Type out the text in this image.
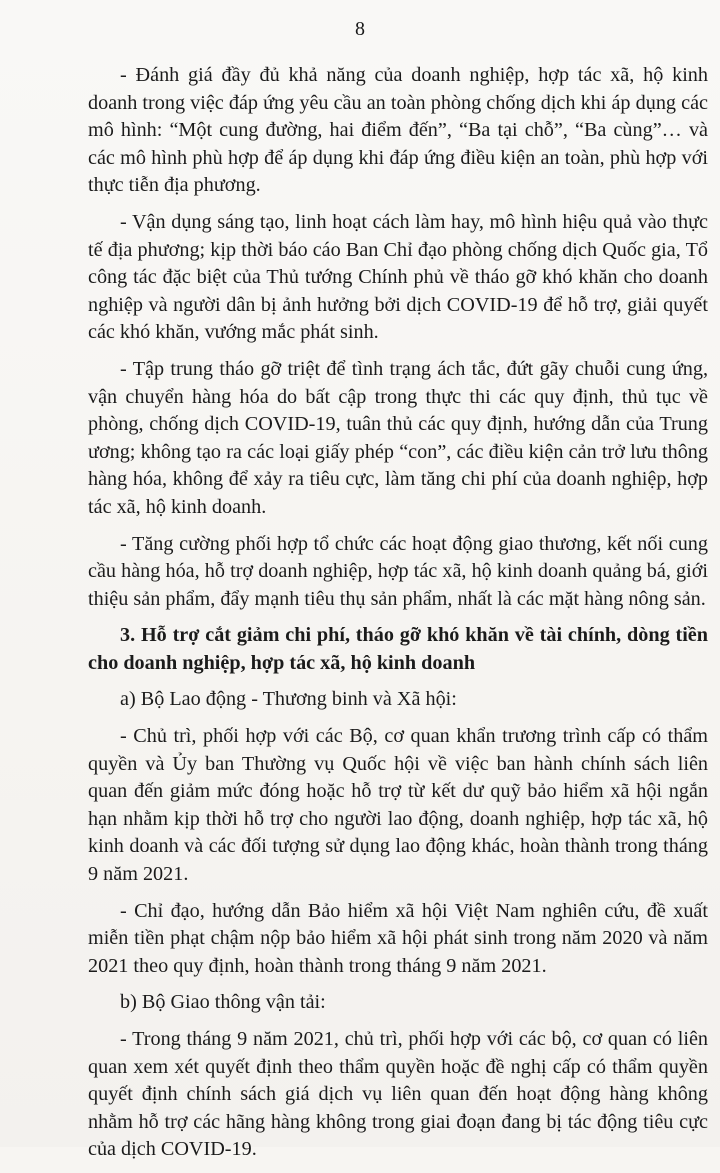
8

- Đánh giá đầy đủ khả năng của doanh nghiệp, hợp tác xã, hộ kinh doanh trong việc đáp ứng yêu cầu an toàn phòng chống dịch khi áp dụng các mô hình: “Một cung đường, hai điểm đến”, “Ba tại chỗ”, “Ba cùng”… và các mô hình phù hợp để áp dụng khi đáp ứng điều kiện an toàn, phù hợp với thực tiễn địa phương.

- Vận dụng sáng tạo, linh hoạt cách làm hay, mô hình hiệu quả vào thực tế địa phương; kịp thời báo cáo Ban Chỉ đạo phòng chống dịch Quốc gia, Tổ công tác đặc biệt của Thủ tướng Chính phủ về tháo gỡ khó khăn cho doanh nghiệp và người dân bị ảnh hưởng bởi dịch COVID-19 để hỗ trợ, giải quyết các khó khăn, vướng mắc phát sinh.

- Tập trung tháo gỡ triệt để tình trạng ách tắc, đứt gãy chuỗi cung ứng, vận chuyển hàng hóa do bất cập trong thực thi các quy định, thủ tục về phòng, chống dịch COVID-19, tuân thủ các quy định, hướng dẫn của Trung ương; không tạo ra các loại giấy phép “con”, các điều kiện cản trở lưu thông hàng hóa, không để xảy ra tiêu cực, làm tăng chi phí của doanh nghiệp, hợp tác xã, hộ kinh doanh.

- Tăng cường phối hợp tổ chức các hoạt động giao thương, kết nối cung cầu hàng hóa, hỗ trợ doanh nghiệp, hợp tác xã, hộ kinh doanh quảng bá, giới thiệu sản phẩm, đẩy mạnh tiêu thụ sản phẩm, nhất là các mặt hàng nông sản.

3. Hỗ trợ cắt giảm chi phí, tháo gỡ khó khăn về tài chính, dòng tiền cho doanh nghiệp, hợp tác xã, hộ kinh doanh

a) Bộ Lao động - Thương binh và Xã hội:

- Chủ trì, phối hợp với các Bộ, cơ quan khẩn trương trình cấp có thẩm quyền và Ủy ban Thường vụ Quốc hội về việc ban hành chính sách liên quan đến giảm mức đóng hoặc hỗ trợ từ kết dư quỹ bảo hiểm xã hội ngắn hạn nhằm kịp thời hỗ trợ cho người lao động, doanh nghiệp, hợp tác xã, hộ kinh doanh và các đối tượng sử dụng lao động khác, hoàn thành trong tháng 9 năm 2021.

- Chỉ đạo, hướng dẫn Bảo hiểm xã hội Việt Nam nghiên cứu, đề xuất miễn tiền phạt chậm nộp bảo hiểm xã hội phát sinh trong năm 2020 và năm 2021 theo quy định, hoàn thành trong tháng 9 năm 2021.

b) Bộ Giao thông vận tải:

- Trong tháng 9 năm 2021, chủ trì, phối hợp với các bộ, cơ quan có liên quan xem xét quyết định theo thẩm quyền hoặc đề nghị cấp có thẩm quyền quyết định chính sách giá dịch vụ liên quan đến hoạt động hàng không nhằm hỗ trợ các hãng hàng không trong giai đoạn đang bị tác động tiêu cực của dịch COVID-19.
